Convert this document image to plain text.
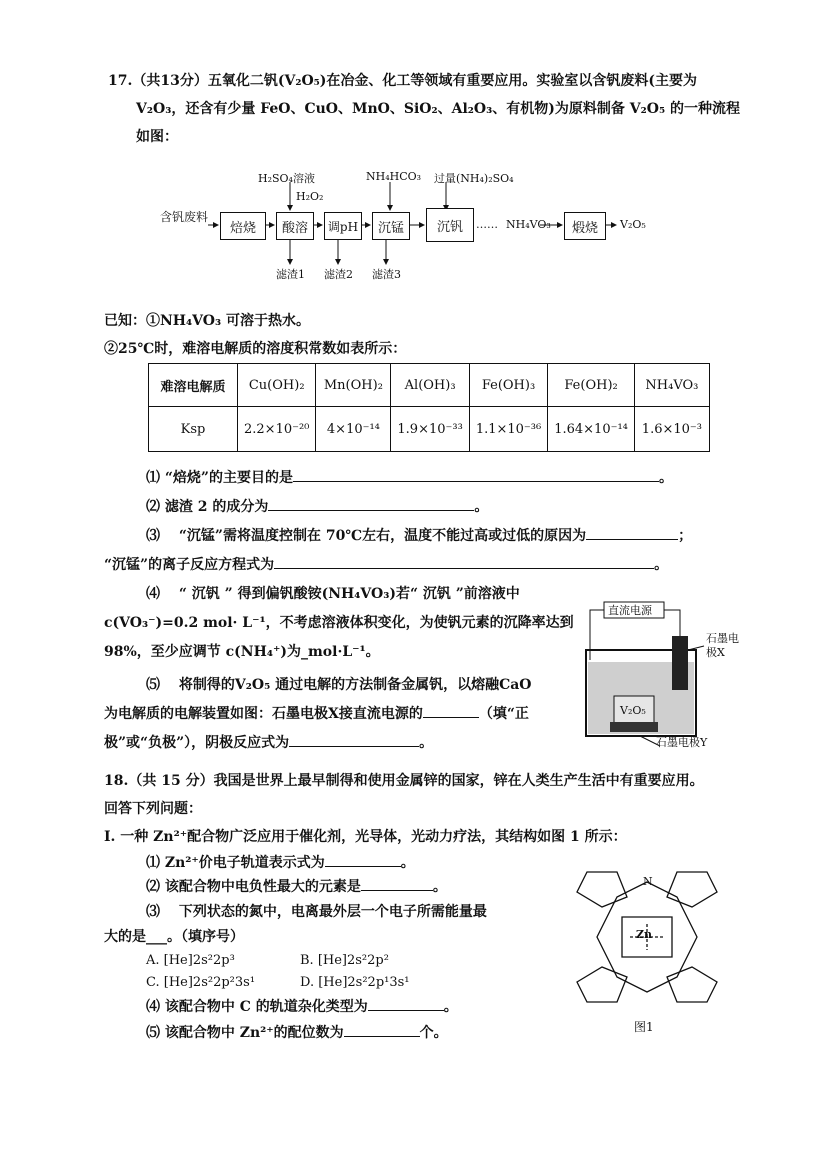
17.（共13分）五氧化二钒(V₂O₅)在冶金、化工等领域有重要应用。实验室以含钒废料(主要为
V₂O₃，还含有少量 FeO、CuO、MnO、SiO₂、Al₂O₃、有机物)为原料制备 V₂O₅ 的一种流程
如图：
含钒废料
焙烧	酸溶	调pH	沉锰	沉钒	煅烧
H₂SO₄溶液
H₂O₂
NH₄HCO₃ 过量(NH₄)₂SO₄
滤渣1 滤渣2 滤渣3
…… NH₄VO₃	V₂O₅
已知：①NH₄VO₃ 可溶于热水。
②25℃时，难溶电解质的溶度积常数如表所示：
难溶电解质	Cu(OH)₂	Mn(OH)₂	Al(OH)₃	Fe(OH)₃	Fe(OH)₂	NH₄VO₃
Ksp	2.2×10⁻²⁰	4×10⁻¹⁴	1.9×10⁻³³	1.1×10⁻³⁶	1.64×10⁻¹⁴	1.6×10⁻³
⑴ “焙烧”的主要目的是	。
⑵ 滤渣 2 的成分为	。
⑶　 “沉锰”需将温度控制在 70℃左右，温度不能过高或过低的原因为	；
“沉锰”的离子反应方程式为	。
⑷　 “ 沉钒 ” 得到偏钒酸铵(NH₄VO₃)若“ 沉钒 ”前溶液中
c(VO₃⁻)=0.2 mol· L⁻¹，不考虑溶液体积变化，为使钒元素的沉降率达到
98%，至少应调节 c(NH₄⁺)为_mol·L⁻¹。
⑸　 将制得的V₂O₅ 通过电解的方法制备金属钒，以熔融CaO
为电解质的电解装置如图：石墨电极X接直流电源的	（填“正
极”或“负极”），阴极反应式为	。
直流电源
V₂O₅
石墨电极X
石墨电极Y
18.（共 15 分）我国是世界上最早制得和使用金属锌的国家，锌在人类生产生活中有重要应用。
回答下列问题：
I. 一种 Zn²⁺配合物广泛应用于催化剂，光导体，光动力疗法，其结构如图 1 所示：
⑴ Zn²⁺价电子轨道表示式为	。
⑵ 该配合物中电负性最大的元素是	。
⑶　 下列状态的氮中，电离最外层一个电子所需能量最
大的是___。（填序号）
A. [He]2s²2p³	B. [He]2s²2p²
C. [He]2s²2p²3s¹	D. [He]2s²2p¹3s¹
⑷ 该配合物中 C 的轨道杂化类型为	。
⑸ 该配合物中 Zn²⁺的配位数为	个。
Zn
N
图1
